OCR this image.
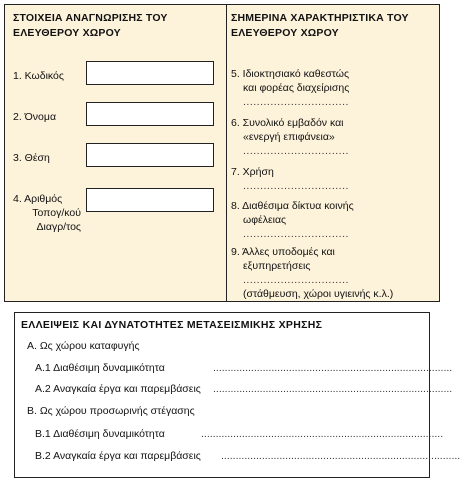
ΣΤΟΙΧΕΙΑ ΑΝΑΓΝΩΡΙΣΗΣ ΤΟΥ
ΕΛΕΥΘΕΡΟΥ ΧΩΡΟΥ
1. Κωδικός
2. Όνομα
3. Θέση
4. Αριθμός
Τοπογ/κού
Διαγρ/τος
ΣΗΜΕΡΙΝΑ ΧΑΡΑΚΤΗΡΙΣΤΙΚΑ ΤΟΥ
ΕΛΕΥΘΕΡΟΥ ΧΩΡΟΥ
5. Ιδιοκτησιακό καθεστώς
και φορέας διαχείρισης
...............................
6. Συνολικό εμβαδόν και
«ενεργή επιφάνεια»
...............................
7. Χρήση
...............................
8. Διαθέσιμα δίκτυα κοινής
ωφέλειας
...............................
9. Άλλες υποδομές και
εξυπηρετήσεις
...............................
(στάθμευση, χώροι υγιεινής κ.λ.)
ΕΛΛΕΙΨΕΙΣ ΚΑΙ ΔΥΝΑΤΟΤΗΤΕΣ ΜΕΤΑΣΕΙΣΜΙΚΗΣ ΧΡΗΣΗΣ
Α. Ως χώρου καταφυγής
Α.1 Διαθέσιμη δυναμικότητα	..................................................................................
Α.2 Αναγκαία έργα και παρεμβάσεις ..................................................................................
Β. Ως χώρου προσωρινής στέγασης
Β.1 Διαθέσιμη δυναμικότητα	...................................................................................
Β.2 Αναγκαία έργα και παρεμβάσεις ..................................................................................
